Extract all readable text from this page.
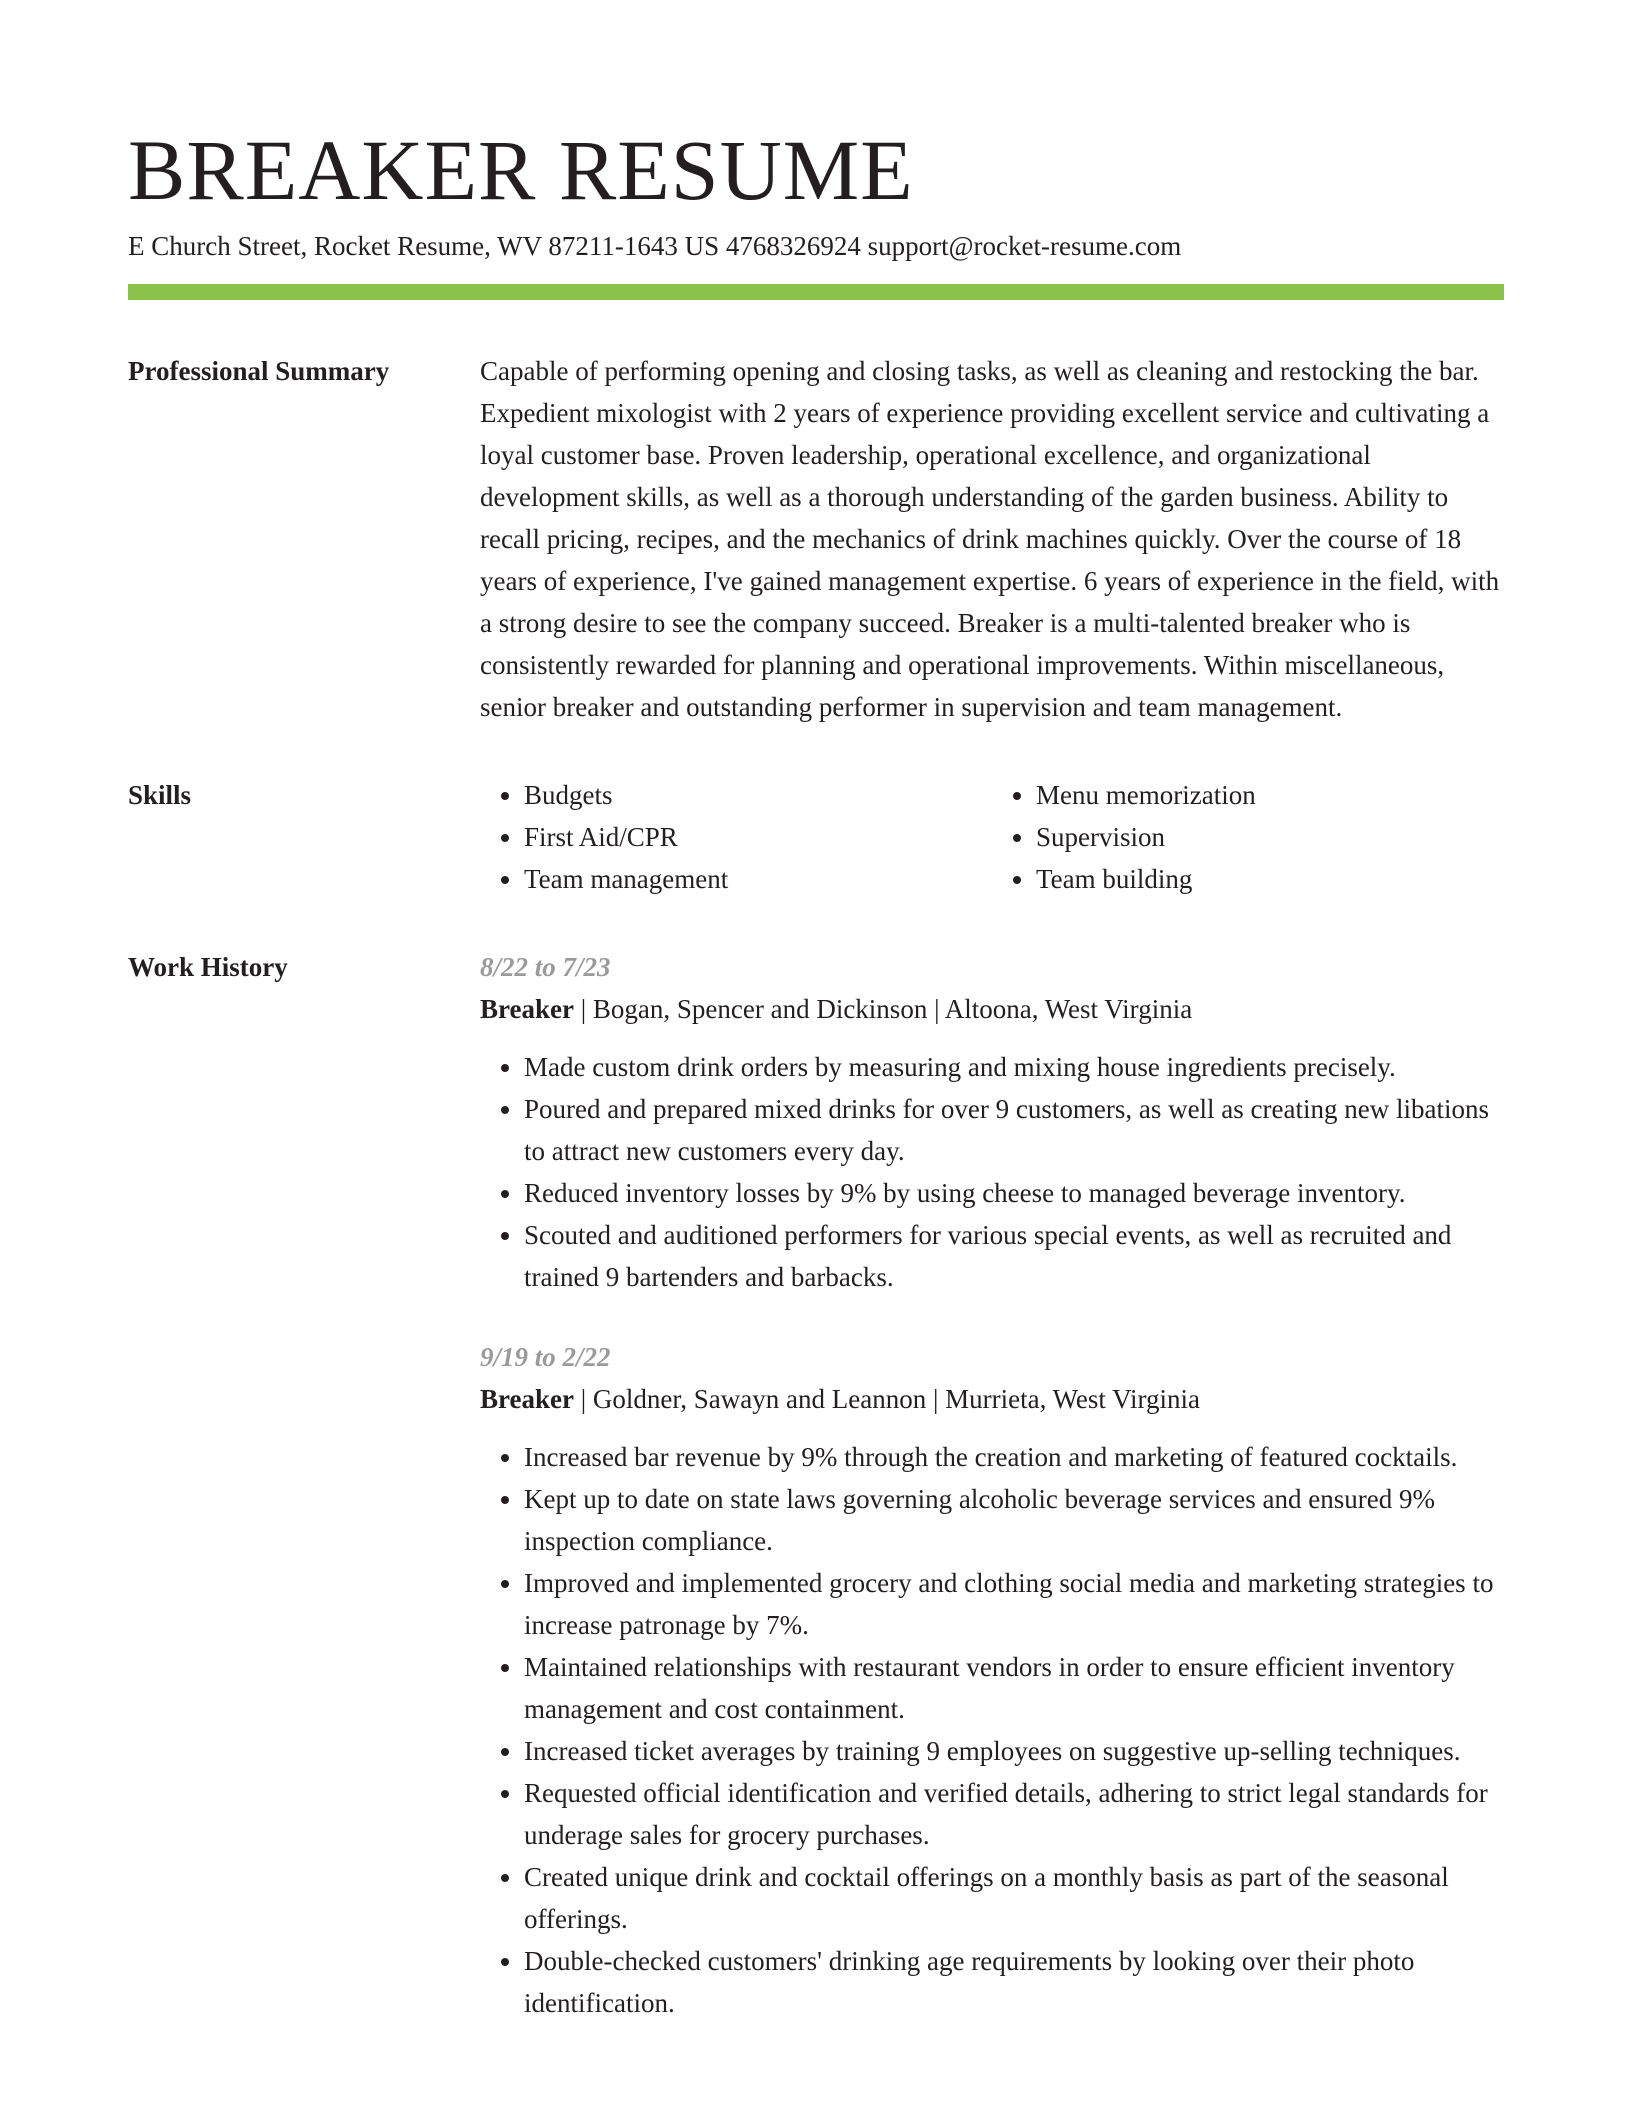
BREAKER RESUME
E Church Street, Rocket Resume, WV 87211-1643 US 4768326924 support@rocket-resume.com
Professional Summary	Capable of performing opening and closing tasks, as well as cleaning and restocking the bar. Expedient mixologist with 2 years of experience providing excellent service and cultivating a loyal customer base. Proven leadership, operational excellence, and organizational development skills, as well as a thorough understanding of the garden business. Ability to recall pricing, recipes, and the mechanics of drink machines quickly. Over the course of 18 years of experience, I've gained management expertise. 6 years of experience in the field, with a strong desire to see the company succeed. Breaker is a multi-talented breaker who is consistently rewarded for planning and operational improvements. Within miscellaneous, senior breaker and outstanding performer in supervision and team management.

Skills
•	Budgets
• First Aid/CPR
• Team management
• Menu memorization
• Supervision
• Team building
Work History	8/22 to 7/23
Breaker | Bogan, Spencer and Dickinson | Altoona, West Virginia
• Made custom drink orders by measuring and mixing house ingredients precisely.
• Poured and prepared mixed drinks for over 9 customers, as well as creating new libations to attract new customers every day.
• Reduced inventory losses by 9% by using cheese to managed beverage inventory.
• Scouted and auditioned performers for various special events, as well as recruited and trained 9 bartenders and barbacks.
9/19 to 2/22
Breaker | Goldner, Sawayn and Leannon | Murrieta, West Virginia
• Increased bar revenue by 9% through the creation and marketing of featured cocktails.
• Kept up to date on state laws governing alcoholic beverage services and ensured 9% inspection compliance.
• Improved and implemented grocery and clothing social media and marketing strategies to increase patronage by 7%.
• Maintained relationships with restaurant vendors in order to ensure efficient inventory management and cost containment.
• Increased ticket averages by training 9 employees on suggestive up-selling techniques.
• Requested official identification and verified details, adhering to strict legal standards for underage sales for grocery purchases.
• Created unique drink and cocktail offerings on a monthly basis as part of the seasonal offerings.
• Double-checked customers' drinking age requirements by looking over their photo identification.
